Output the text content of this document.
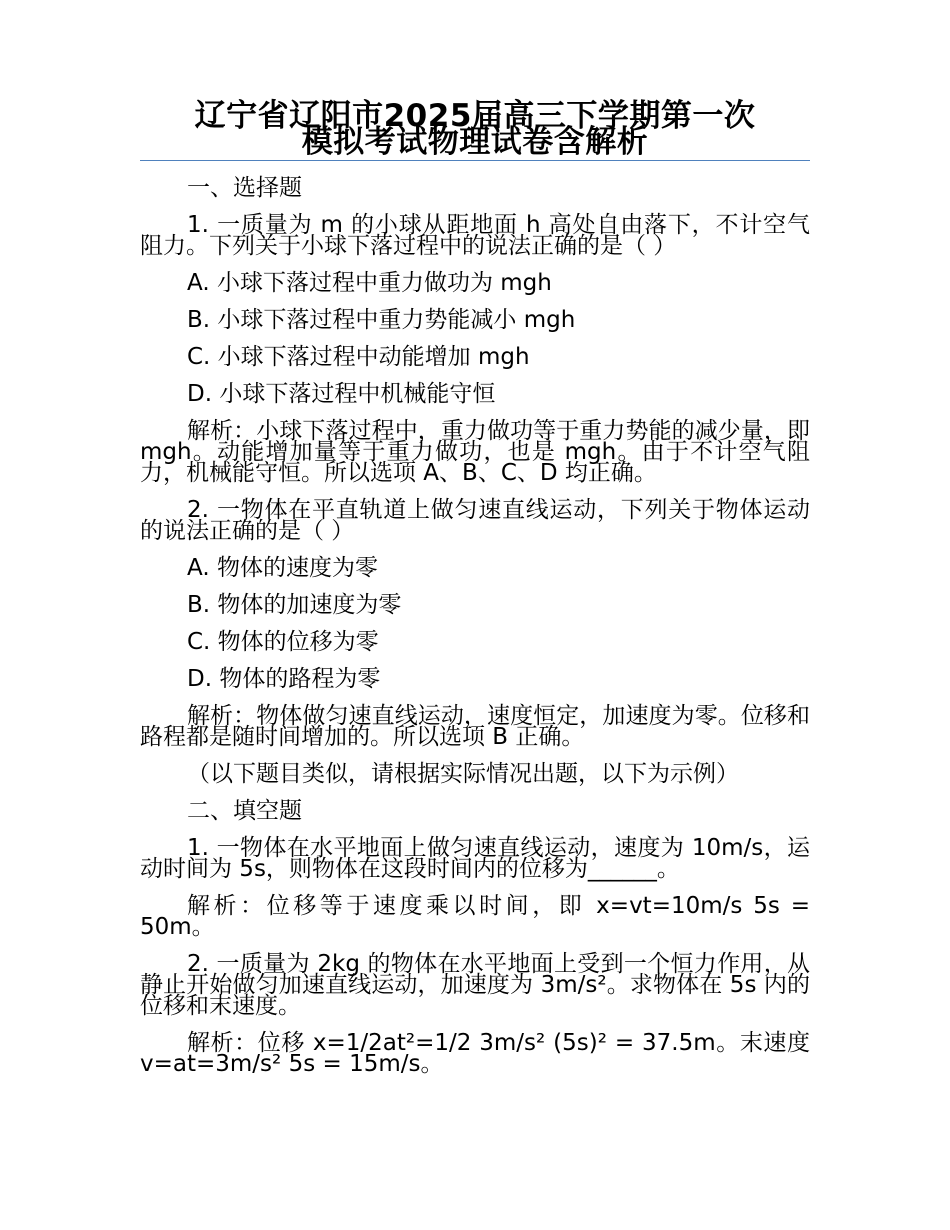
辽宁省辽阳市2025届高三下学期第一次
模拟考试物理试卷含解析

一、选择题

1. 一质量为 m 的小球从距地面 h 高处自由落下，不计空气阻力。下列关于小球下落过程中的说法正确的是（ ）

A. 小球下落过程中重力做功为 mgh

B. 小球下落过程中重力势能减小 mgh

C. 小球下落过程中动能增加 mgh

D. 小球下落过程中机械能守恒

解析：小球下落过程中，重力做功等于重力势能的减少量，即 mgh。动能增加量等于重力做功，也是 mgh。由于不计空气阻力，机械能守恒。所以选项 A、B、C、D 均正确。

2. 一物体在平直轨道上做匀速直线运动，下列关于物体运动的说法正确的是（ ）

A. 物体的速度为零

B. 物体的加速度为零

C. 物体的位移为零

D. 物体的路程为零

解析：物体做匀速直线运动，速度恒定，加速度为零。位移和路程都是随时间增加的。所以选项 B 正确。

（以下题目类似，请根据实际情况出题，以下为示例）

二、填空题

1. 一物体在水平地面上做匀速直线运动，速度为 10m/s，运动时间为 5s，则物体在这段时间内的位移为______。

解析：位移等于速度乘以时间，即 x=vt=10m/s 5s = 50m。

2. 一质量为 2kg 的物体在水平地面上受到一个恒力作用，从静止开始做匀加速直线运动，加速度为 3m/s²。求物体在 5s 内的位移和末速度。

解析：位移 x=1/2at²=1/2 3m/s² (5s)² = 37.5m。末速度 v=at=3m/s² 5s = 15m/s。
